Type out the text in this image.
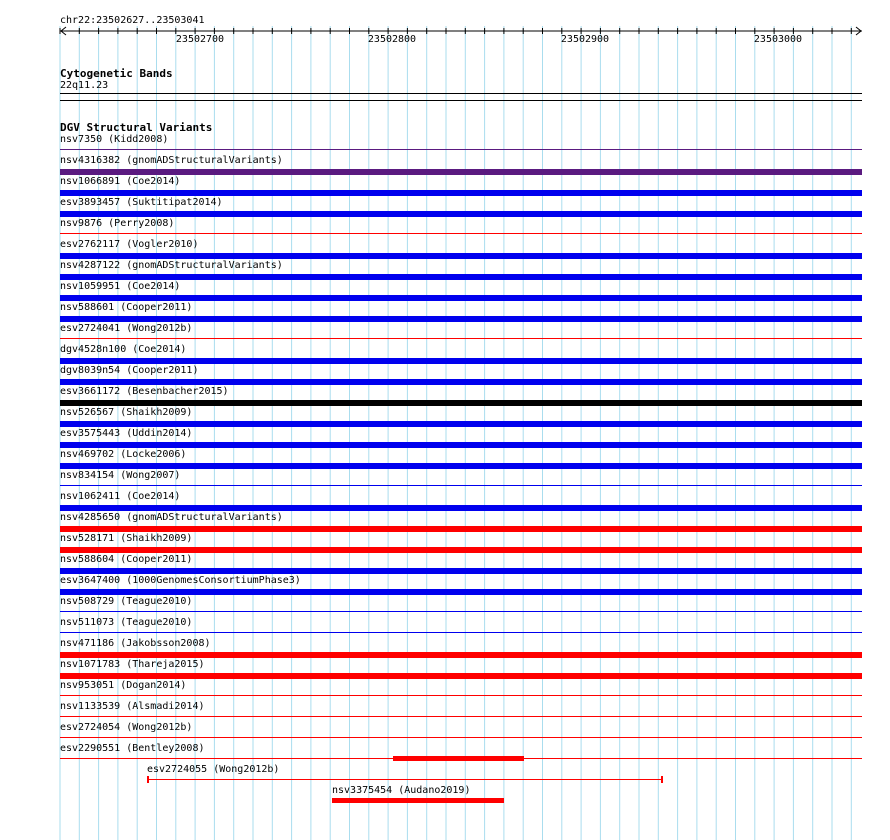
chr22:23502627..23503041
23502700	23502800	23502900	23503000
Cytogenetic Bands
22q11.23
DGV Structural Variants
nsv7350 (Kidd2008)
nsv4316382 (gnomADStructuralVariants)
nsv1066891 (Coe2014)
esv3893457 (Suktitipat2014)
nsv9876 (Perry2008)
esv2762117 (Vogler2010)
nsv4287122 (gnomADStructuralVariants)
nsv1059951 (Coe2014)
nsv588601 (Cooper2011)
esv2724041 (Wong2012b)
dgv4528n100 (Coe2014)
dgv8039n54 (Cooper2011)
esv3661172 (Besenbacher2015)
nsv526567 (Shaikh2009)
esv3575443 (Uddin2014)
nsv469702 (Locke2006)
nsv834154 (Wong2007)
nsv1062411 (Coe2014)
nsv4285650 (gnomADStructuralVariants)
nsv528171 (Shaikh2009)
nsv588604 (Cooper2011)
esv3647400 (1000GenomesConsortiumPhase3)
nsv508729 (Teague2010)
nsv511073 (Teague2010)
nsv471186 (Jakobsson2008)
nsv1071783 (Thareja2015)
nsv953051 (Dogan2014)
nsv1133539 (Alsmadi2014)
esv2724054 (Wong2012b)
esv2290551 (Bentley2008)
esv2724055 (Wong2012b)
nsv3375454 (Audano2019)
